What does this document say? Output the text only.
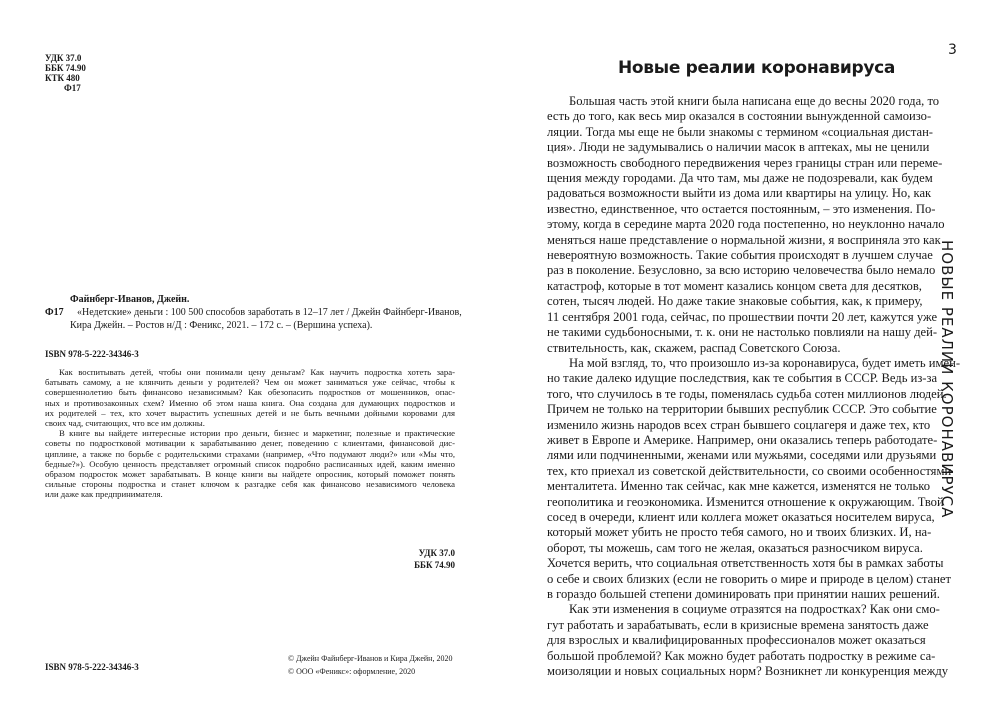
УДК 37.0
ББК 74.90
КТК 480
Ф17
Файнберг-Иванов, Джейн.
Ф17 «Недетские» деньги : 100 500 способов заработать в 12–17 лет / Джейн Файнберг-Иванов,
Кира Джейн. – Ростов н/Д : Феникс, 2021. – 172 с. – (Вершина успеха).
ISBN 978-5-222-34346-3
Как воспитывать детей, чтобы они понимали цену деньгам? Как научить подростка хотеть зара-
батывать самому, а не клянчить деньги у родителей? Чем он может заниматься уже сейчас, чтобы к
совершеннолетию быть финансово независимым? Как обезопасить подростков от мошенников, опас-
ных и противозаконных схем? Именно об этом наша книга. Она создана для думающих подростков и
их родителей – тех, кто хочет вырастить успешных детей и не быть вечными дойными коровами для
своих чад, считающих, что все им должны.
В книге вы найдете интересные истории про деньги, бизнес и маркетинг, полезные и практические
советы по подростковой мотивации к зарабатыванию денег, поведению с клиентами, финансовой дис-
циплине, а также по борьбе с родительскими страхами (например, «Что подумают люди?» или «Мы что,
бедные?»). Особую ценность представляет огромный список подробно расписанных идей, каким именно
образом подросток может зарабатывать. В конце книги вы найдете опросник, который поможет понять
сильные стороны подростка и станет ключом к разгадке себя как финансово независимого человека
или даже как предпринимателя.
УДК 37.0
ББК 74.90
ISBN 978-5-222-34346-3
© Джейн Файнберг-Иванов и Кира Джейн, 2020
© ООО «Феникс»: оформление, 2020
3
Новые реалии коронавируса
Большая часть этой книги была написана еще до весны 2020 года, то
есть до того, как весь мир оказался в состоянии вынужденной самоизо-
ляции. Тогда мы еще не были знакомы с термином «социальная дистан-
ция». Люди не задумывались о наличии масок в аптеках, мы не ценили
возможность свободного передвижения через границы стран или переме-
щения между городами. Да что там, мы даже не подозревали, как будем
радоваться возможности выйти из дома или квартиры на улицу. Но, как
известно, единственное, что остается постоянным, – это изменения. По-
этому, когда в середине марта 2020 года постепенно, но неуклонно начало
меняться наше представление о нормальной жизни, я восприняла это как
невероятную возможность. Такие события происходят в лучшем случае
раз в поколение. Безусловно, за всю историю человечества было немало
катастроф, которые в тот момент казались концом света для десятков,
сотен, тысяч людей. Но даже такие знаковые события, как, к примеру,
11 сентября 2001 года, сейчас, по прошествии почти 20 лет, кажутся уже
не такими судьбоносными, т. к. они не настолько повлияли на нашу дей-
ствительность, как, скажем, распад Советского Союза.
На мой взгляд, то, что произошло из-за коронавируса, будет иметь имен-
но такие далеко идущие последствия, как те события в СССР. Ведь из-за
того, что случилось в те годы, поменялась судьба сотен миллионов людей.
Причем не только на территории бывших республик СССР. Это событие
изменило жизнь народов всех стран бывшего соцлагеря и даже тех, кто
живет в Европе и Америке. Например, они оказались теперь работодате-
лями или подчиненными, женами или мужьями, соседями или друзьями
тех, кто приехал из советской действительности, со своими особенностями
менталитета. Именно так сейчас, как мне кажется, изменятся не только
геополитика и геоэкономика. Изменится отношение к окружающим. Твой
сосед в очереди, клиент или коллега может оказаться носителем вируса,
который может убить не просто тебя самого, но и твоих близких. И, на-
оборот, ты можешь, сам того не желая, оказаться разносчиком вируса.
Хочется верить, что социальная ответственность хотя бы в рамках заботы
о себе и своих близких (если не говорить о мире и природе в целом) станет
в гораздо большей степени доминировать при принятии наших решений.
Как эти изменения в социуме отразятся на подростках? Как они смо-
гут работать и зарабатывать, если в кризисные времена занятость даже
для взрослых и квалифицированных профессионалов может оказаться
большой проблемой? Как можно будет работать подростку в режиме са-
моизоляции и новых социальных норм? Возникнет ли конкуренция между
НОВЫЕ РЕАЛИИ КОРОНАВИРУСА
